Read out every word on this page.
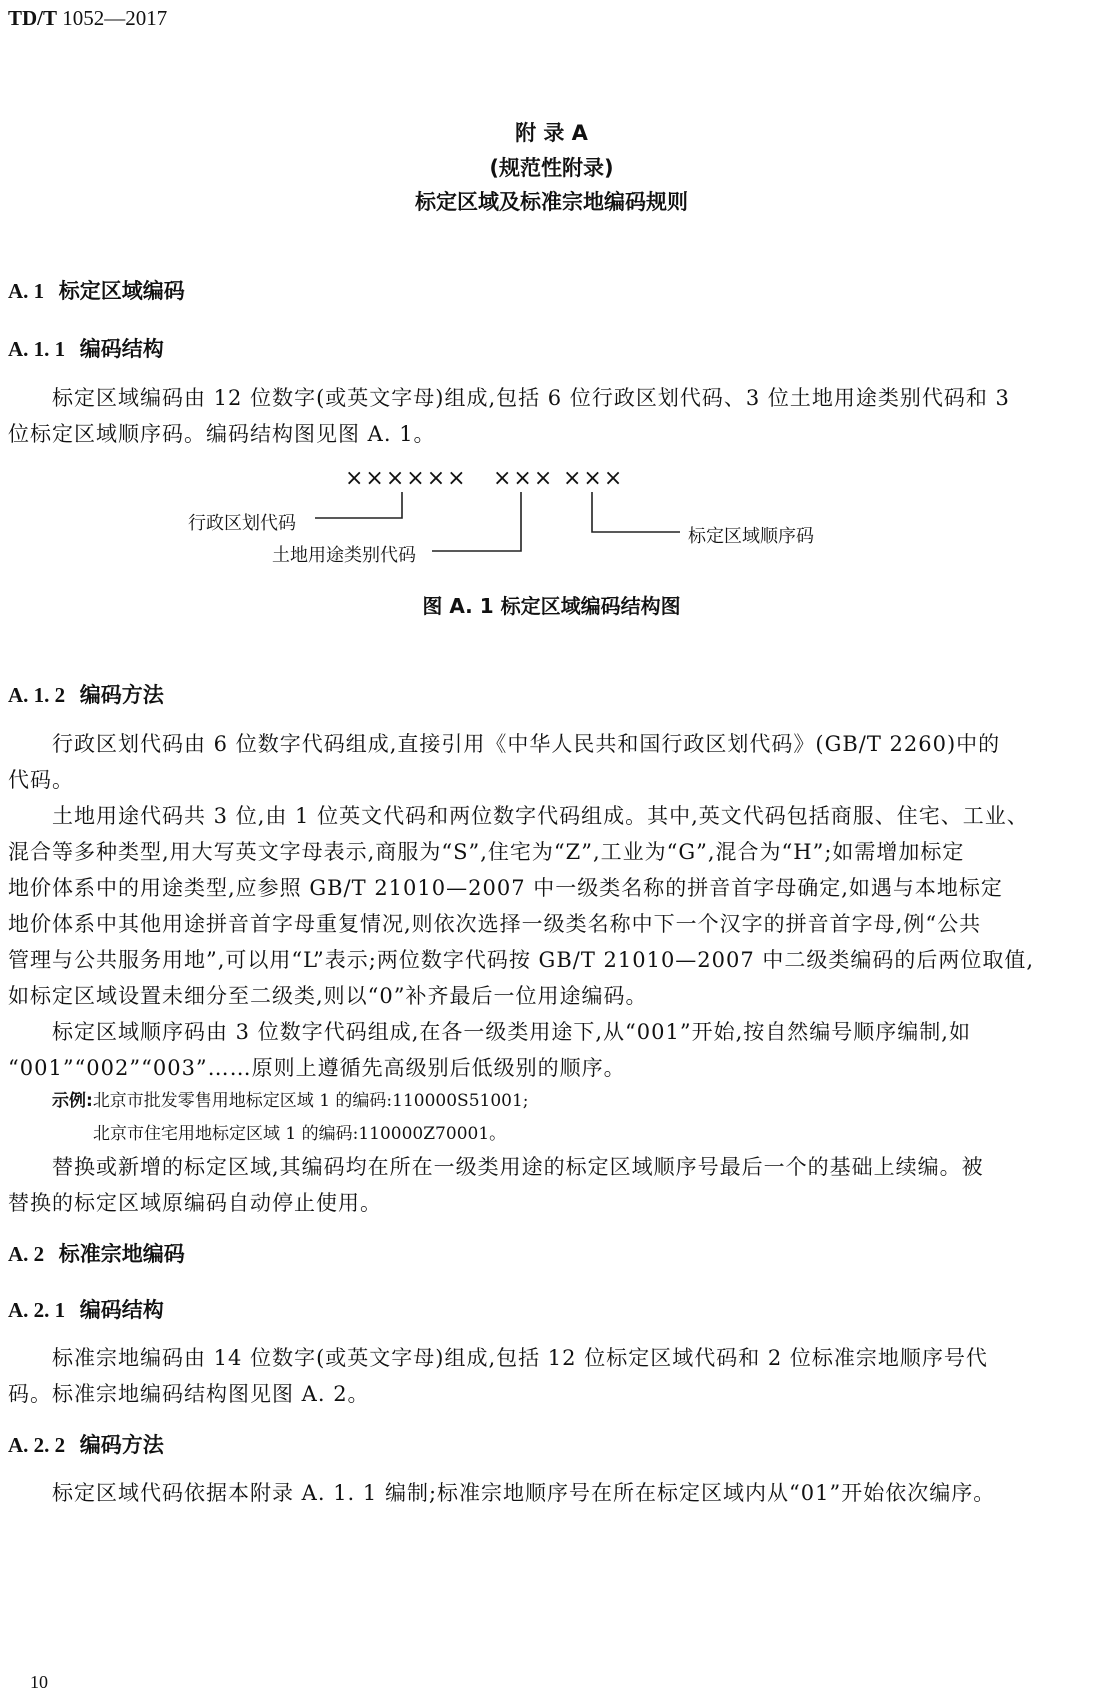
TD/T 1052—2017
附 录 A
(规范性附录)
标定区域及标准宗地编码规则
A. 1 标定区域编码
A. 1. 1 编码结构
标定区域编码由 12 位数字(或英文字母)组成,包括 6 位行政区划代码、3 位土地用途类别代码和 3
位标定区域顺序码。编码结构图见图 A. 1。
×××××× ××× ×××
行政区划代码
土地用途类别代码
标定区域顺序码
图 A. 1 标定区域编码结构图
A. 1. 2 编码方法
行政区划代码由 6 位数字代码组成,直接引用《中华人民共和国行政区划代码》(GB/T 2260)中的
代码。
土地用途代码共 3 位,由 1 位英文代码和两位数字代码组成。其中,英文代码包括商服、住宅、工业、
混合等多种类型,用大写英文字母表示,商服为“S”,住宅为“Z”,工业为“G”,混合为“H”;如需增加标定
地价体系中的用途类型,应参照 GB/T 21010—2007 中一级类名称的拼音首字母确定,如遇与本地标定
地价体系中其他用途拼音首字母重复情况,则依次选择一级类名称中下一个汉字的拼音首字母,例“公共
管理与公共服务用地”,可以用“L”表示;两位数字代码按 GB/T 21010—2007 中二级类编码的后两位取值,
如标定区域设置未细分至二级类,则以“0”补齐最后一位用途编码。
标定区域顺序码由 3 位数字代码组成,在各一级类用途下,从“001”开始,按自然编号顺序编制,如
“001”“002”“003”……原则上遵循先高级别后低级别的顺序。
示例:北京市批发零售用地标定区域 1 的编码:110000S51001;
北京市住宅用地标定区域 1 的编码:110000Z70001。
替换或新增的标定区域,其编码均在所在一级类用途的标定区域顺序号最后一个的基础上续编。被
替换的标定区域原编码自动停止使用。
A. 2 标准宗地编码
A. 2. 1 编码结构
标准宗地编码由 14 位数字(或英文字母)组成,包括 12 位标定区域代码和 2 位标准宗地顺序号代
码。标准宗地编码结构图见图 A. 2。
A. 2. 2 编码方法
标定区域代码依据本附录 A. 1. 1 编制;标准宗地顺序号在所在标定区域内从“01”开始依次编序。
10
